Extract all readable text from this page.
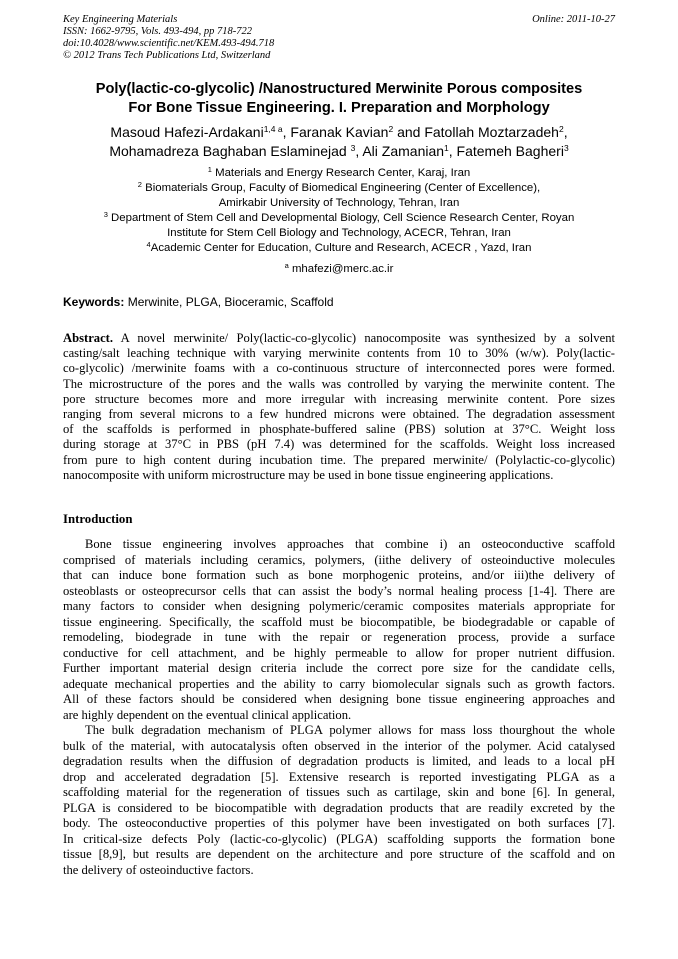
Key Engineering Materials
ISSN: 1662-9795, Vols. 493-494, pp 718-722
doi:10.4028/www.scientific.net/KEM.493-494.718
© 2012 Trans Tech Publications Ltd, Switzerland
Online: 2011-10-27
Poly(lactic-co-glycolic) /Nanostructured Merwinite Porous composites
For Bone Tissue Engineering. I. Preparation and Morphology
Masoud Hafezi-Ardakani$^{1,4 a}$, Faranak Kavian$^2$ and Fatollah Moztarzadeh$^2$,
Mohamadreza Baghaban Eslaminejad $^3$, Ali Zamanian$^1$, Fatemeh Bagheri$^3$
$^1$ Materials and Energy Research Center, Karaj, Iran
$^2$ Biomaterials Group, Faculty of Biomedical Engineering (Center of Excellence),
Amirkabir University of Technology, Tehran, Iran
$^3$ Department of Stem Cell and Developmental Biology, Cell Science Research Center, Royan
Institute for Stem Cell Biology and Technology, ACECR, Tehran, Iran
$^4$Academic Center for Education, Culture and Research, ACECR , Yazd, Iran
$^a$ mhafezi@merc.ac.ir
Keywords: Merwinite, PLGA, Bioceramic, Scaffold
Abstract. A novel merwinite/ Poly(lactic-co-glycolic) nanocomposite was synthesized by a solvent
casting/salt leaching technique with varying merwinite contents from 10 to 30% (w/w). Poly(lactic-
co-glycolic) /merwinite foams with a co-continuous structure of interconnected pores were formed.
The microstructure of the pores and the walls was controlled by varying the merwinite content. The
pore structure becomes more and more irregular with increasing merwinite content. Pore sizes
ranging from several microns to a few hundred microns were obtained. The degradation assessment
of the scaffolds is performed in phosphate-buffered saline (PBS) solution at 37°C. Weight loss
during storage at 37°C in PBS (pH 7.4) was determined for the scaffolds. Weight loss increased
from pure to high content during incubation time. The prepared merwinite/ (Polylactic-co-glycolic)
nanocomposite with uniform microstructure may be used in bone tissue engineering applications.
Introduction
Bone tissue engineering involves approaches that combine i) an osteoconductive scaffold
comprised of materials including ceramics, polymers, (iithe delivery of osteoinductive molecules
that can induce bone formation such as bone morphogenic proteins, and/or iii)the delivery of
osteoblasts or osteoprecursor cells that can assist the body’s normal healing process [1-4]. There are
many factors to consider when designing polymeric/ceramic composites materials appropriate for
tissue engineering. Specifically, the scaffold must be biocompatible, be biodegradable or capable of
remodeling, biodegrade in tune with the repair or regeneration process, provide a surface
conductive for cell attachment, and be highly permeable to allow for proper nutrient diffusion.
Further important material design criteria include the correct pore size for the candidate cells,
adequate mechanical properties and the ability to carry biomolecular signals such as growth factors.
All of these factors should be considered when designing bone tissue engineering approaches and
are highly dependent on the eventual clinical application.
The bulk degradation mechanism of PLGA polymer allows for mass loss thourghout the whole
bulk of the material, with autocatalysis often observed in the interior of the polymer. Acid catalysed
degradation results when the diffusion of degradation products is limited, and leads to a local pH
drop and accelerated degradation [5]. Extensive research is reported investigating PLGA as a
scaffolding material for the regeneration of tissues such as cartilage, skin and bone [6]. In general,
PLGA is considered to be biocompatible with degradation products that are readily excreted by the
body. The osteoconductive properties of this polymer have been investigated on both surfaces [7].
In critical-size defects Poly (lactic-co-glycolic) (PLGA) scaffolding supports the formation bone
tissue [8,9], but results are dependent on the architecture and pore structure of the scaffold and on
the delivery of osteoinductive factors.
